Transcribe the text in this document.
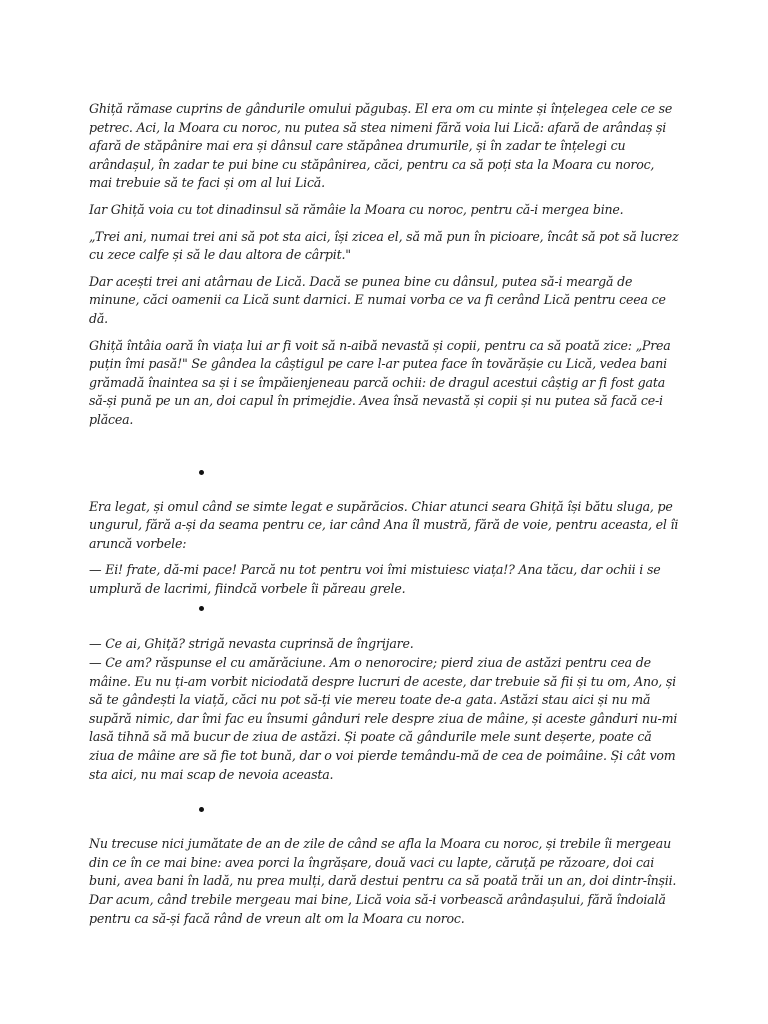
Ghiță rămase cuprins de gândurile omului păgubaș. El era om cu minte și înțelegea cele ce se petrec. Aci, la Moara cu noroc, nu putea să stea nimeni fără voia lui Lică: afară de arândaș și afară de stăpânire mai era și dânsul care stăpânea drumurile, și în zadar te înțelegi cu arândașul, în zadar te pui bine cu stăpânirea, căci, pentru ca să poți sta la Moara cu noroc, mai trebuie să te faci și om al lui Lică.

Iar Ghiță voia cu tot dinadinsul să rămâie la Moara cu noroc, pentru că-i mergea bine.

„Trei ani, numai trei ani să pot sta aici, își zicea el, să mă pun în picioare, încât să pot să lucrez cu zece calfe și să le dau altora de cârpit."

Dar acești trei ani atârnau de Lică. Dacă se punea bine cu dânsul, putea să-i meargă de minune, căci oamenii ca Lică sunt darnici. E numai vorba ce va fi cerând Lică pentru ceea ce dă.

Ghiță întâia oară în viața lui ar fi voit să n-aibă nevastă și copii, pentru ca să poată zice: „Prea puțin îmi pasă!" Se gândea la câștigul pe care l-ar putea face în tovărășie cu Lică, vedea bani grămadă înaintea sa și i se împăienjeneau parcă ochii: de dragul acestui câștig ar fi fost gata să-și pună pe un an, doi capul în primejdie. Avea însă nevastă și copii și nu putea să facă ce-i plăcea.

Era legat, și omul când se simte legat e supărăcios. Chiar atunci seara Ghiță își bătu sluga, pe ungurul, fără a-și da seama pentru ce, iar când Ana îl mustră, fără de voie, pentru aceasta, el îi aruncă vorbele:

— Ei! frate, dă-mi pace! Parcă nu tot pentru voi îmi mistuiesc viața!? Ana tăcu, dar ochii i se umplură de lacrimi, fiindcă vorbele îi păreau grele.

— Ce ai, Ghiță? strigă nevasta cuprinsă de îngrijare.

— Ce am? răspunse el cu amărăciune. Am o nenorocire; pierd ziua de astăzi pentru cea de mâine. Eu nu ți-am vorbit niciodată despre lucruri de aceste, dar trebuie să fii și tu om, Ano, și să te gândești la viață, căci nu pot să-ți vie mereu toate de-a gata. Astăzi stau aici și nu mă supără nimic, dar îmi fac eu însumi gânduri rele despre ziua de mâine, și aceste gânduri nu-mi lasă tihnă să mă bucur de ziua de astăzi. Și poate că gândurile mele sunt deșerte, poate că ziua de mâine are să fie tot bună, dar o voi pierde temându-mă de cea de poimâine. Și cât vom sta aici, nu mai scap de nevoia aceasta.

Nu trecuse nici jumătate de an de zile de când se afla la Moara cu noroc, și trebile îi mergeau din ce în ce mai bine: avea porci la îngrășare, două vaci cu lapte, căruță pe răzoare, doi cai buni, avea bani în ladă, nu prea mulți, dară destui pentru ca să poată trăi un an, doi dintr-înșii. Dar acum, când trebile mergeau mai bine, Lică voia să-i vorbească arândașului, fără îndoială pentru ca să-și facă rând de vreun alt om la Moara cu noroc.
